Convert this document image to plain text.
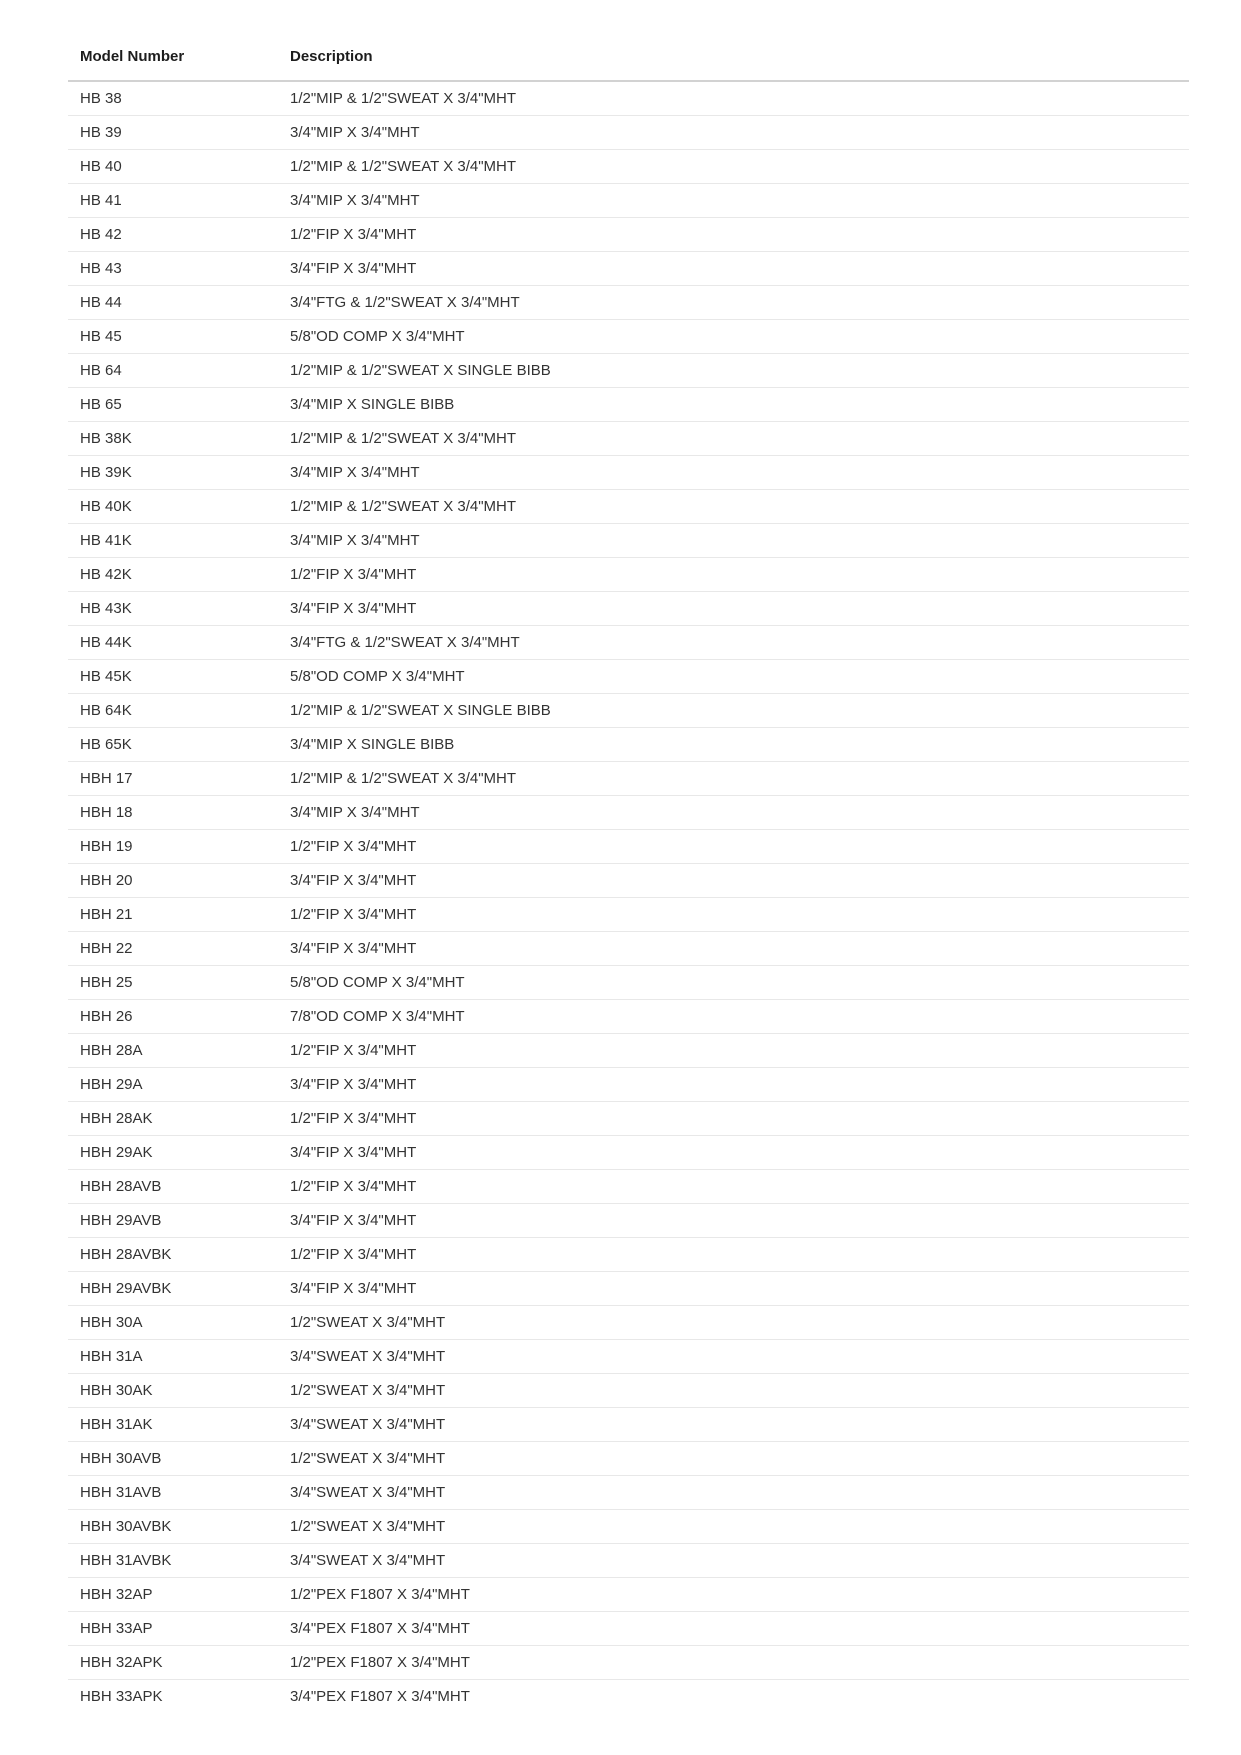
Model Number	Description
HB 38	1/2"MIP & 1/2"SWEAT X 3/4"MHT
HB 39	3/4"MIP X 3/4"MHT
HB 40	1/2"MIP & 1/2"SWEAT X 3/4"MHT
HB 41	3/4"MIP X 3/4"MHT
HB 42	1/2"FIP X 3/4"MHT
HB 43	3/4"FIP X 3/4"MHT
HB 44	3/4"FTG & 1/2"SWEAT X 3/4"MHT
HB 45	5/8"OD COMP X 3/4"MHT
HB 64	1/2"MIP & 1/2"SWEAT X SINGLE BIBB
HB 65	3/4"MIP X SINGLE BIBB
HB 38K	1/2"MIP & 1/2"SWEAT X 3/4"MHT
HB 39K	3/4"MIP X 3/4"MHT
HB 40K	1/2"MIP & 1/2"SWEAT X 3/4"MHT
HB 41K	3/4"MIP X 3/4"MHT
HB 42K	1/2"FIP X 3/4"MHT
HB 43K	3/4"FIP X 3/4"MHT
HB 44K	3/4"FTG & 1/2"SWEAT X 3/4"MHT
HB 45K	5/8"OD COMP X 3/4"MHT
HB 64K	1/2"MIP & 1/2"SWEAT X SINGLE BIBB
HB 65K	3/4"MIP X SINGLE BIBB
HBH 17	1/2"MIP & 1/2"SWEAT X 3/4"MHT
HBH 18	3/4"MIP X 3/4"MHT
HBH 19	1/2"FIP X 3/4"MHT
HBH 20	3/4"FIP X 3/4"MHT
HBH 21	1/2"FIP X 3/4"MHT
HBH 22	3/4"FIP X 3/4"MHT
HBH 25	5/8"OD COMP X 3/4"MHT
HBH 26	7/8"OD COMP X 3/4"MHT
HBH 28A	1/2"FIP X 3/4"MHT
HBH 29A	3/4"FIP X 3/4"MHT
HBH 28AK	1/2"FIP X 3/4"MHT
HBH 29AK	3/4"FIP X 3/4"MHT
HBH 28AVB	1/2"FIP X 3/4"MHT
HBH 29AVB	3/4"FIP X 3/4"MHT
HBH 28AVBK	1/2"FIP X 3/4"MHT
HBH 29AVBK	3/4"FIP X 3/4"MHT
HBH 30A	1/2"SWEAT X 3/4"MHT
HBH 31A	3/4"SWEAT X 3/4"MHT
HBH 30AK	1/2"SWEAT X 3/4"MHT
HBH 31AK	3/4"SWEAT X 3/4"MHT
HBH 30AVB	1/2"SWEAT X 3/4"MHT
HBH 31AVB	3/4"SWEAT X 3/4"MHT
HBH 30AVBK	1/2"SWEAT X 3/4"MHT
HBH 31AVBK	3/4"SWEAT X 3/4"MHT
HBH 32AP	1/2"PEX F1807 X 3/4"MHT
HBH 33AP	3/4"PEX F1807 X 3/4"MHT
HBH 32APK	1/2"PEX F1807 X 3/4"MHT
HBH 33APK	3/4"PEX F1807 X 3/4"MHT
